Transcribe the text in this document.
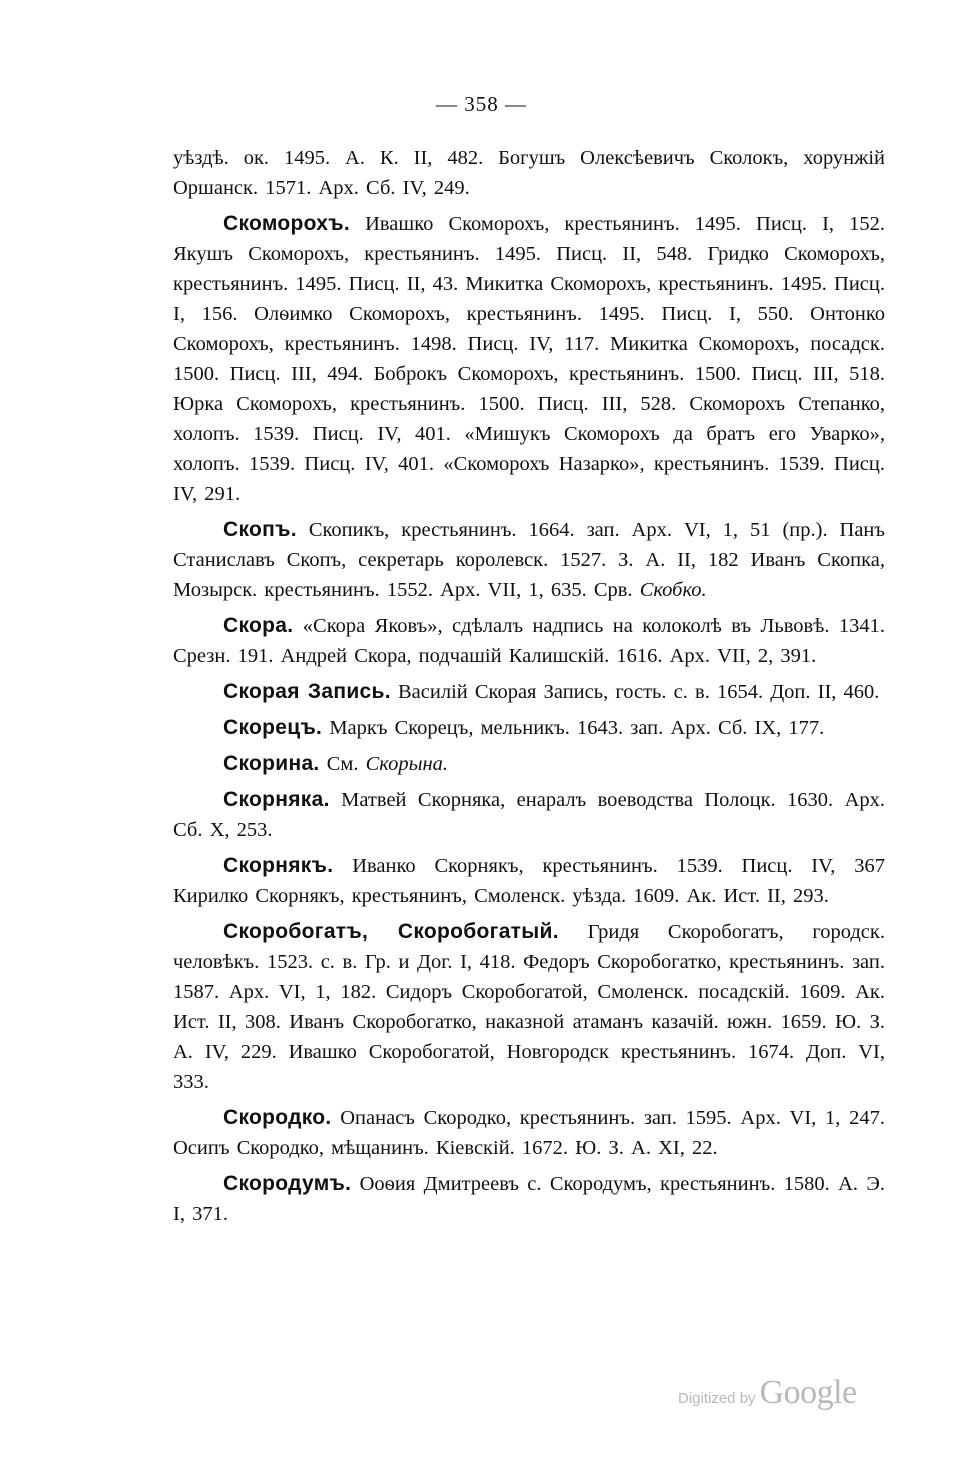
— 358 —

уѣздѣ. ок. 1495. А. К. II, 482. Богушъ Олексѣевичъ Сколокъ, хорунжій Оршанск. 1571. Арх. Сб. IV, 249.

Скоморохъ. Ивашко Скоморохъ, крестьянинъ. 1495. Писц. I, 152. Якушъ Скоморохъ, крестьянинъ. 1495. Писц. II, 548. Гридко Скоморохъ, крестьянинъ. 1495. Писц. II, 43. Микитка Скоморохъ, крестьянинъ. 1495. Писц. I, 156. Олѳимко Скоморохъ, крестьянинъ. 1495. Писц. I, 550. Онтонко Скоморохъ, крестьянинъ. 1498. Писц. IV, 117. Микитка Скоморохъ, посадск. 1500. Писц. III, 494. Боброкъ Скоморохъ, крестьянинъ. 1500. Писц. III, 518. Юрка Скоморохъ, крестьянинъ. 1500. Писц. III, 528. Скоморохъ Степанко, холопъ. 1539. Писц. IV, 401. «Мишукъ Скоморохъ да братъ его Уварко», холопъ. 1539. Писц. IV, 401. «Скоморохъ Назарко», крестьянинъ. 1539. Писц. IV, 291.

Скопъ. Скопикъ, крестьянинъ. 1664. зап. Арх. VI, 1, 51 (пр.). Панъ Станиславъ Скопъ, секретарь королевск. 1527. З. А. II, 182 Иванъ Скопка, Мозырск. крестьянинъ. 1552. Арх. VII, 1, 635. Срв. Скобко.

Скора. «Скора Яковъ», сдѣлалъ надпись на колоколѣ въ Львовѣ. 1341. Срезн. 191. Андрей Скора, подчашій Калишскій. 1616. Арх. VII, 2, 391.

Скорая Запись. Василій Скорая Запись, гость. с. в. 1654. Доп. II, 460.

Скорецъ. Маркъ Скорецъ, мельникъ. 1643. зап. Арх. Сб. IX, 177.

Скорина. См. Скорына.

Скорняка. Матвей Скорняка, енаралъ воеводства Полоцк. 1630. Арх. Сб. X, 253.

Скорнякъ. Иванко Скорнякъ, крестьянинъ. 1539. Писц. IV, 367 Кирилко Скорнякъ, крестьянинъ, Смоленск. уѣзда. 1609. Ак. Ист. II, 293.

Скоробогатъ, Скоробогатый. Гридя Скоробогатъ, городск. человѣкъ. 1523. с. в. Гр. и Дог. I, 418. Федоръ Скоробогатко, крестьянинъ. зап. 1587. Арх. VI, 1, 182. Сидоръ Скоробогатой, Смоленск. посадскій. 1609. Ак. Ист. II, 308. Иванъ Скоробогатко, наказной атаманъ казачій. южн. 1659. Ю. З. А. IV, 229. Ивашко Скоробогатой, Новгородск крестьянинъ. 1674. Доп. VI, 333.

Скородко. Опанасъ Скородко, крестьянинъ. зап. 1595. Арх. VI, 1, 247. Осипъ Скородко, мѣщанинъ. Кіевскій. 1672. Ю. З. А. XI, 22.

Скородумъ. Ооѳия Дмитреевъ с. Скородумъ, крестьянинъ. 1580. А. Э. I, 371.

Digitized by Google
